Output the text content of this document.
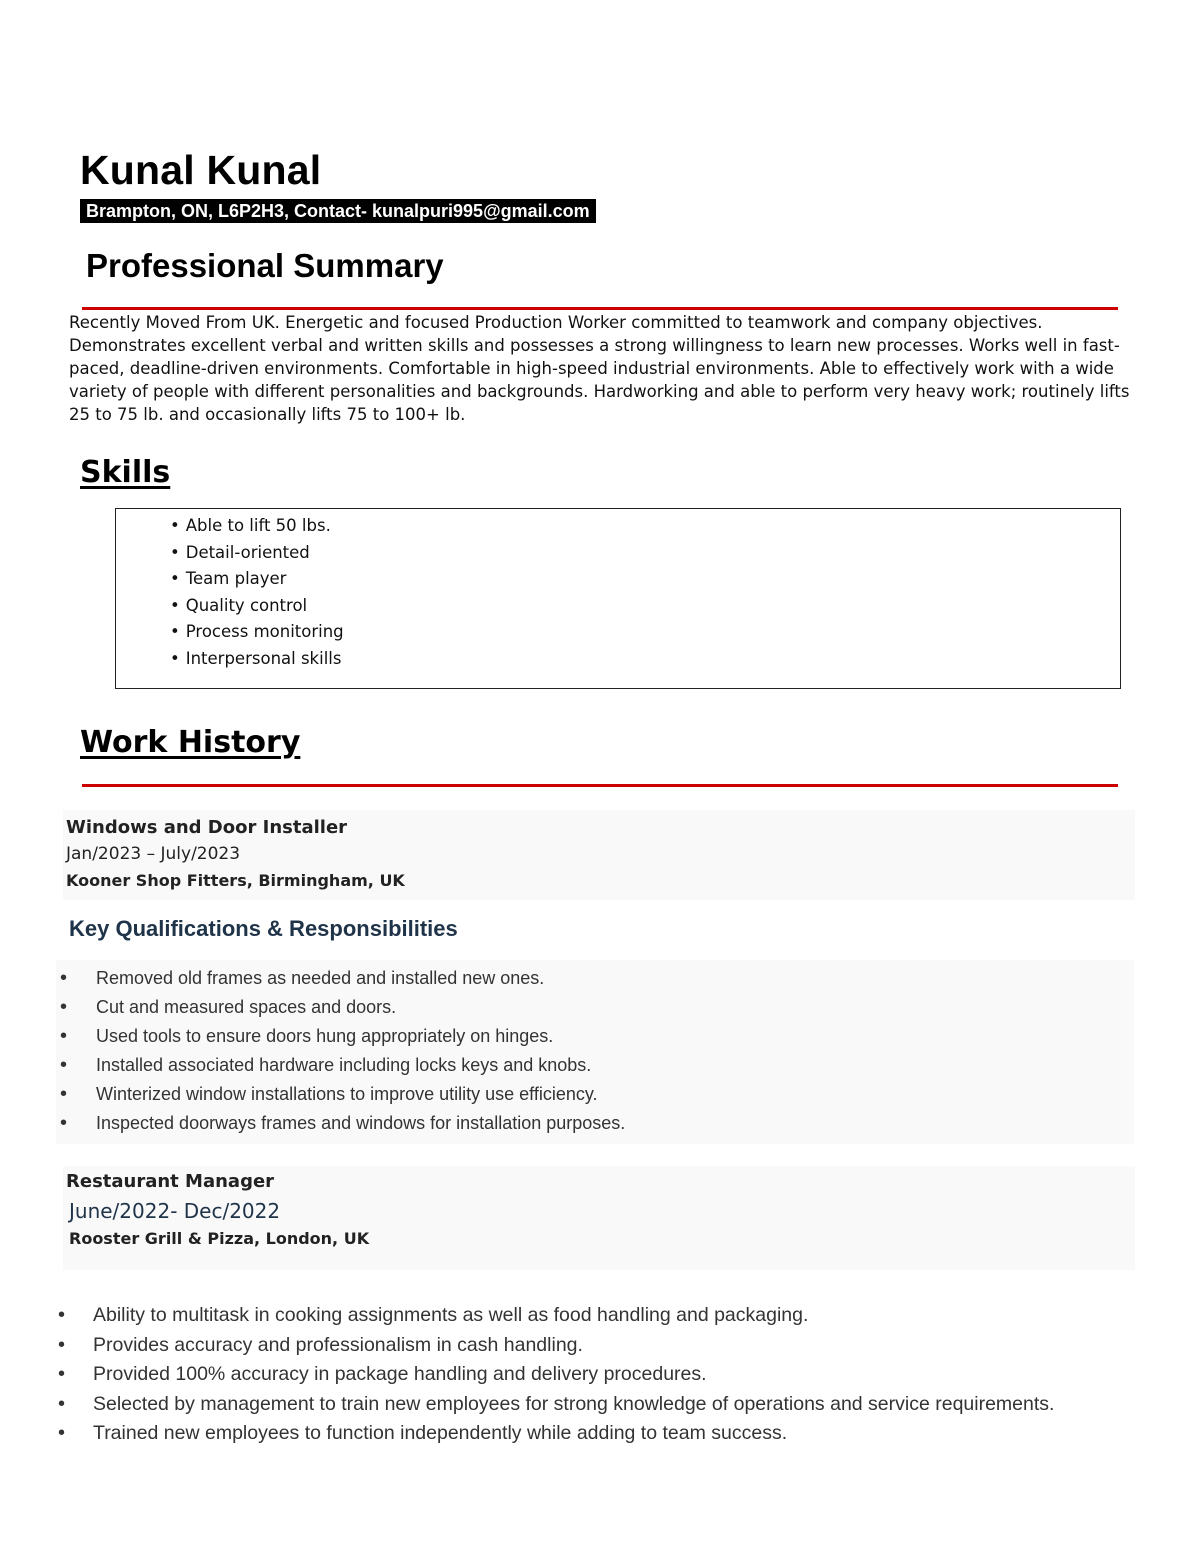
Kunal Kunal
Brampton, ON, L6P2H3, Contact- kunalpuri995@gmail.com
Professional Summary
Recently Moved From UK. Energetic and focused Production Worker committed to teamwork and company objectives. Demonstrates excellent verbal and written skills and possesses a strong willingness to learn new processes. Works well in fast-paced, deadline-driven environments. Comfortable in high-speed industrial environments. Able to effectively work with a wide variety of people with different personalities and backgrounds. Hardworking and able to perform very heavy work; routinely lifts 25 to 75 lb. and occasionally lifts 75 to 100+ lb.
Skills
• Able to lift 50 lbs.
• Detail-oriented
• Team player
• Quality control
• Process monitoring
• Interpersonal skills
Work History
Windows and Door Installer
Jan/2023 – July/2023
Kooner Shop Fitters, Birmingham, UK
Key Qualifications & Responsibilities
• Removed old frames as needed and installed new ones.
• Cut and measured spaces and doors.
• Used tools to ensure doors hung appropriately on hinges.
• Installed associated hardware including locks keys and knobs.
• Winterized window installations to improve utility use efficiency.
• Inspected doorways frames and windows for installation purposes.
Restaurant Manager
June/2022- Dec/2022
Rooster Grill & Pizza, London, UK
• Ability to multitask in cooking assignments as well as food handling and packaging.
• Provides accuracy and professionalism in cash handling.
• Provided 100% accuracy in package handling and delivery procedures.
• Selected by management to train new employees for strong knowledge of operations and service requirements.
• Trained new employees to function independently while adding to team success.
